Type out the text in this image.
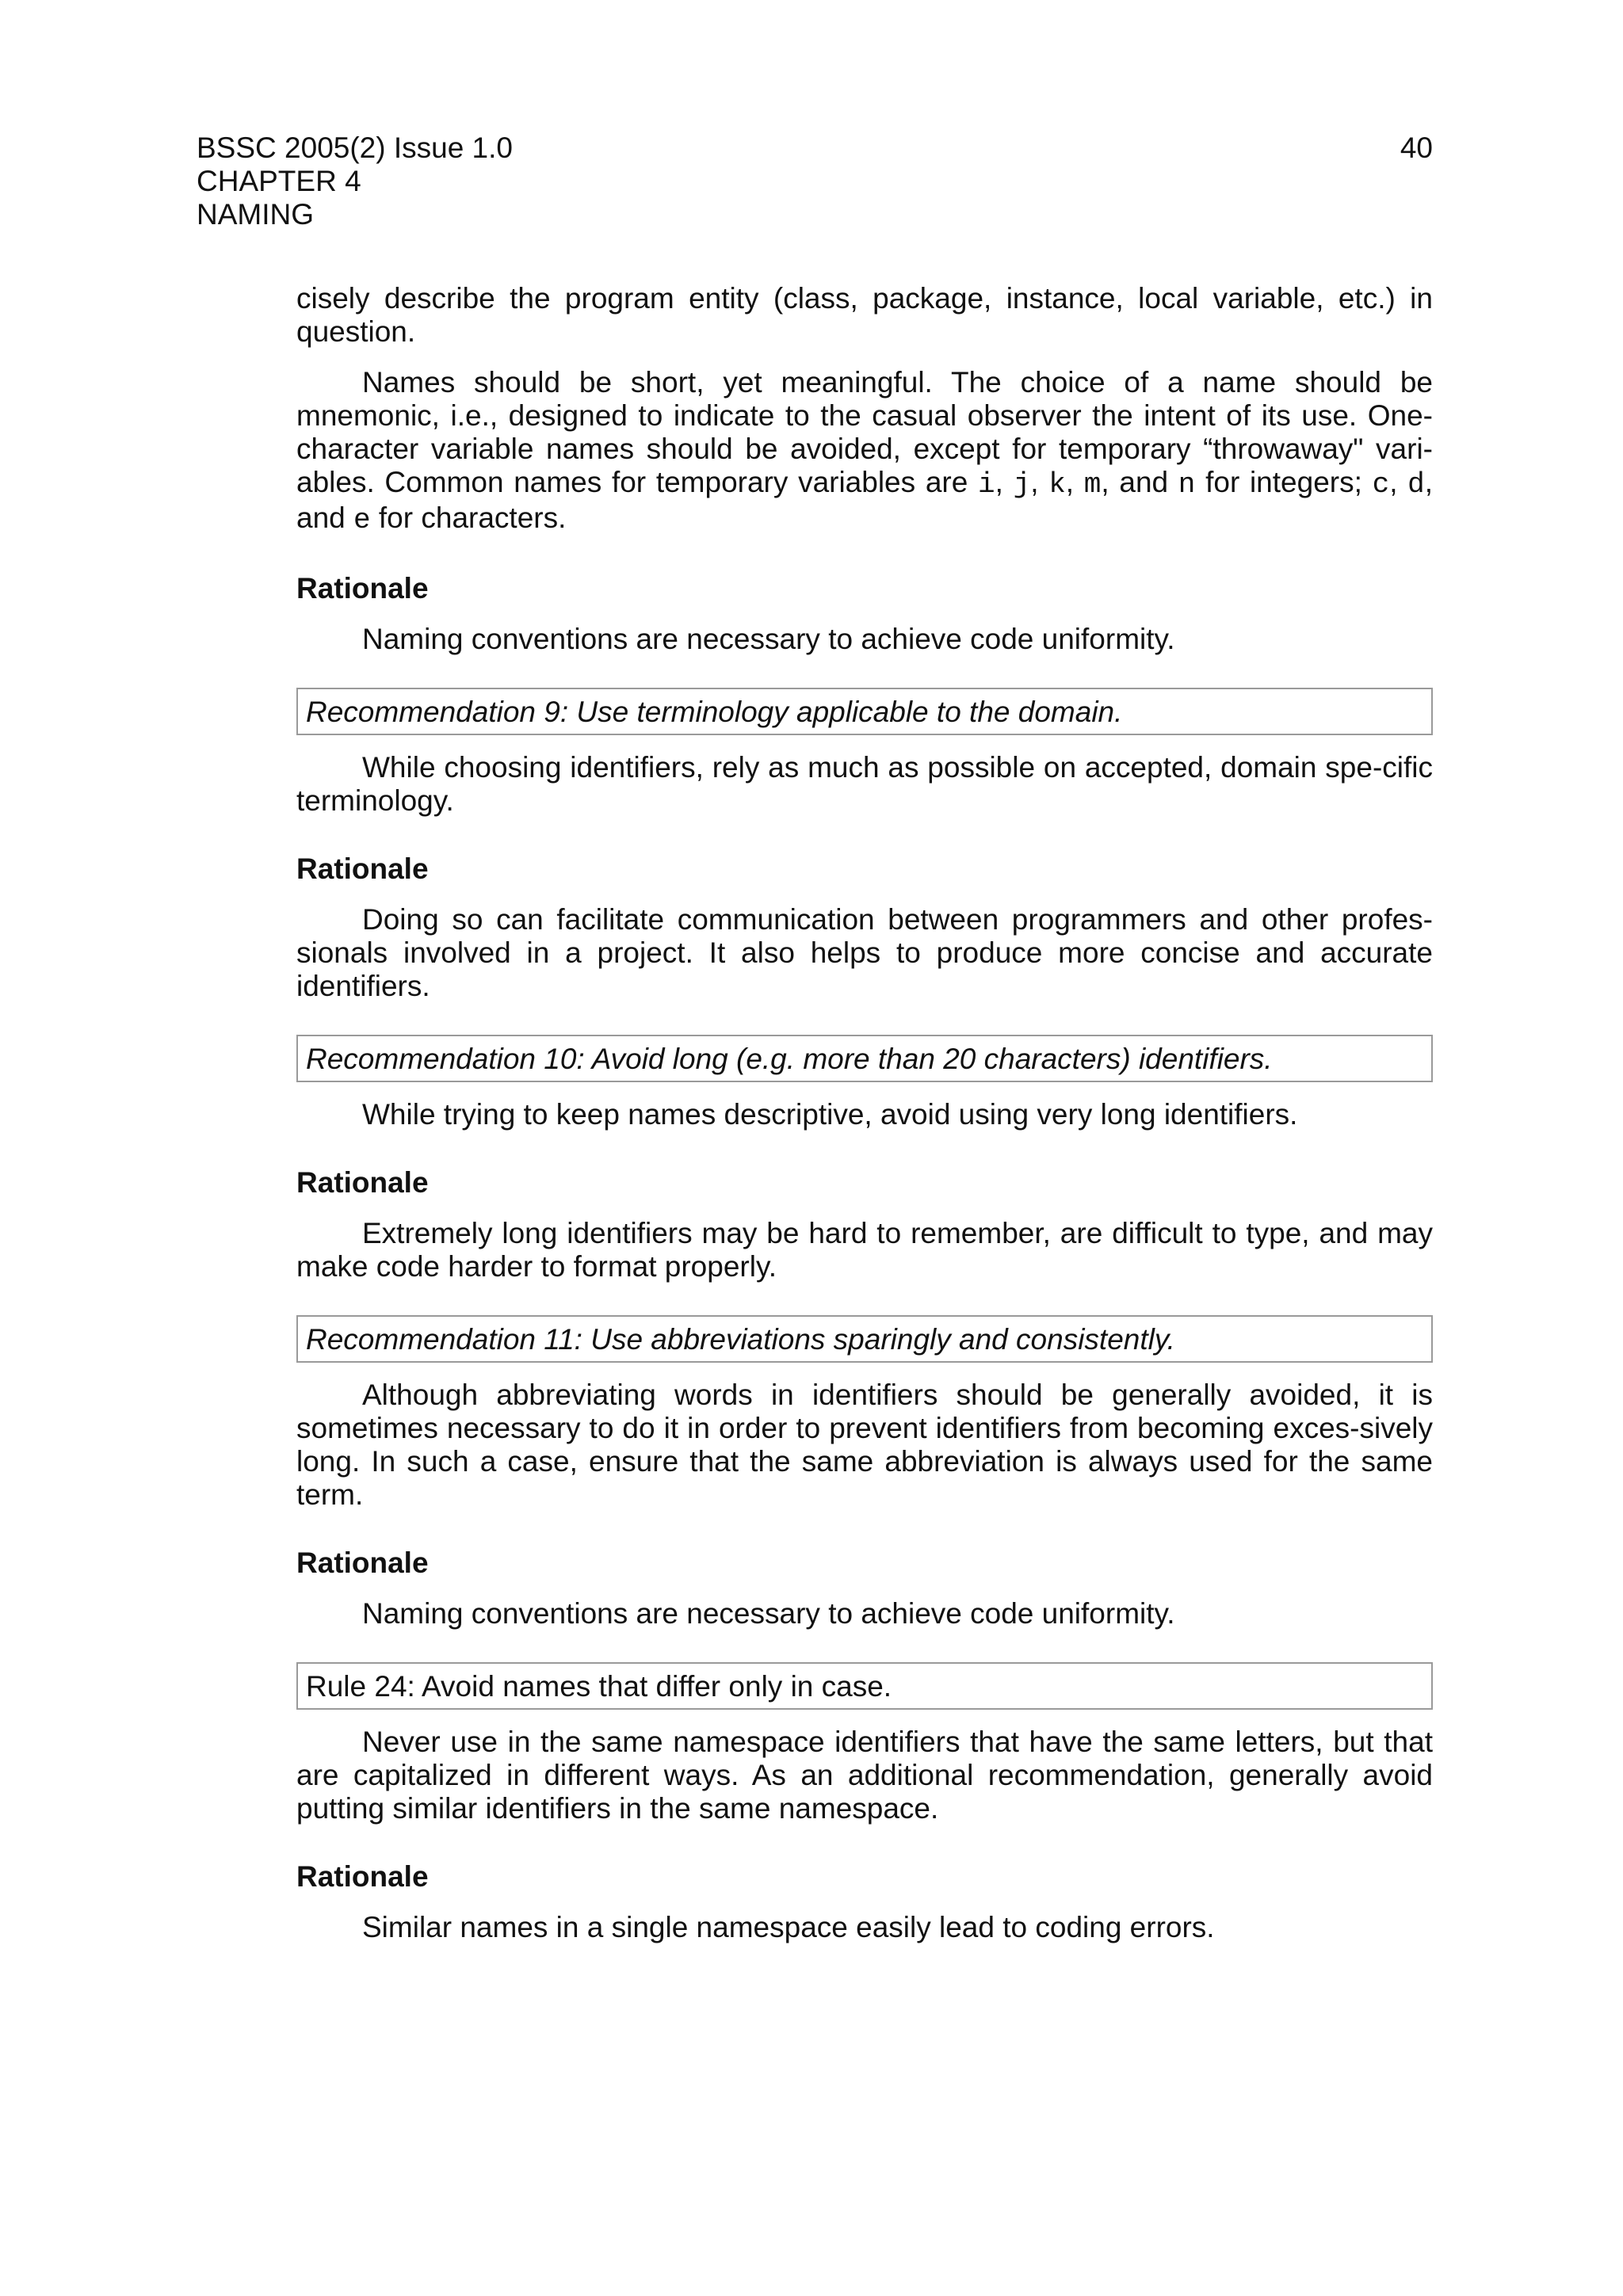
BSSC 2005(2) Issue 1.0
CHAPTER 4
NAMING
40

cisely describe the program entity (class, package, instance, local variable, etc.) in question.

Names should be short, yet meaningful. The choice of a name should be mnemonic, i.e., designed to indicate to the casual observer the intent of its use. One-character variable names should be avoided, except for temporary “throwaway" vari-ables. Common names for temporary variables are i, j, k, m, and n for integers; c, d, and e for characters.

Rationale

Naming conventions are necessary to achieve code uniformity.

Recommendation 9: Use terminology applicable to the domain.

While choosing identifiers, rely as much as possible on accepted, domain spe-cific terminology.

Rationale

Doing so can facilitate communication between programmers and other profes-sionals involved in a project. It also helps to produce more concise and accurate identifiers.

Recommendation 10: Avoid long (e.g. more than 20 characters) identifiers.

While trying to keep names descriptive, avoid using very long identifiers.

Rationale

Extremely long identifiers may be hard to remember, are difficult to type, and may make code harder to format properly.

Recommendation 11: Use abbreviations sparingly and consistently.

Although abbreviating words in identifiers should be generally avoided, it is sometimes necessary to do it in order to prevent identifiers from becoming exces-sively long. In such a case, ensure that the same abbreviation is always used for the same term.

Rationale

Naming conventions are necessary to achieve code uniformity.

Rule 24: Avoid names that differ only in case.

Never use in the same namespace identifiers that have the same letters, but that are capitalized in different ways. As an additional recommendation, generally avoid putting similar identifiers in the same namespace.

Rationale

Similar names in a single namespace easily lead to coding errors.
